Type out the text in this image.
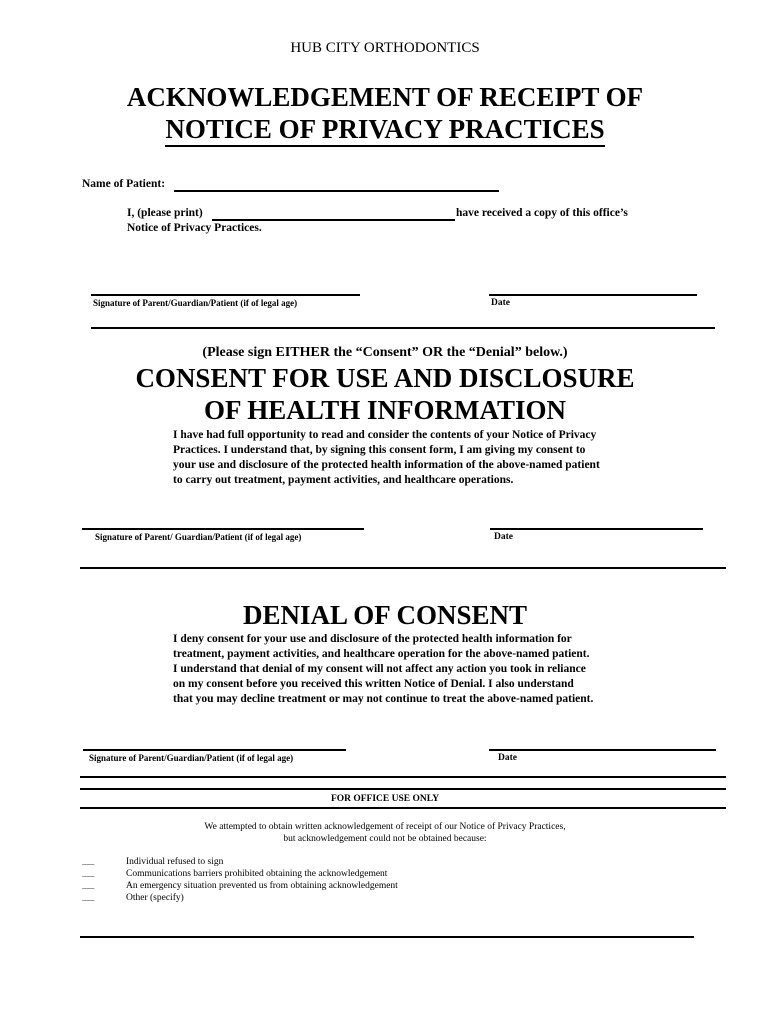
HUB CITY ORTHODONTICS
ACKNOWLEDGEMENT OF RECEIPT OF
NOTICE OF PRIVACY PRACTICES
Name of Patient:
I, (please print)	have received a copy of this office’s
Notice of Privacy Practices.
Signature of Parent/Guardian/Patient (if of legal age)	Date
(Please sign EITHER the “Consent” OR the “Denial” below.)
CONSENT FOR USE AND DISCLOSURE
OF HEALTH INFORMATION
I have had full opportunity to read and consider the contents of your Notice of Privacy
Practices. I understand that, by signing this consent form, I am giving my consent to
your use and disclosure of the protected health information of the above-named patient
to carry out treatment, payment activities, and healthcare operations.
Signature of Parent/ Guardian/Patient (if of legal age)	Date
DENIAL OF CONSENT
I deny consent for your use and disclosure of the protected health information for
treatment, payment activities, and healthcare operation for the above-named patient.
I understand that denial of my consent will not affect any action you took in reliance
on my consent before you received this written Notice of Denial. I also understand
that you may decline treatment or may not continue to treat the above-named patient.
Signature of Parent/Guardian/Patient (if of legal age)	Date
FOR OFFICE USE ONLY
We attempted to obtain written acknowledgement of receipt of our Notice of Privacy Practices,
but acknowledgement could not be obtained because:
____	Individual refused to sign
____	Communications barriers prohibited obtaining the acknowledgement
____	An emergency situation prevented us from obtaining acknowledgement
____	Other (specify)
